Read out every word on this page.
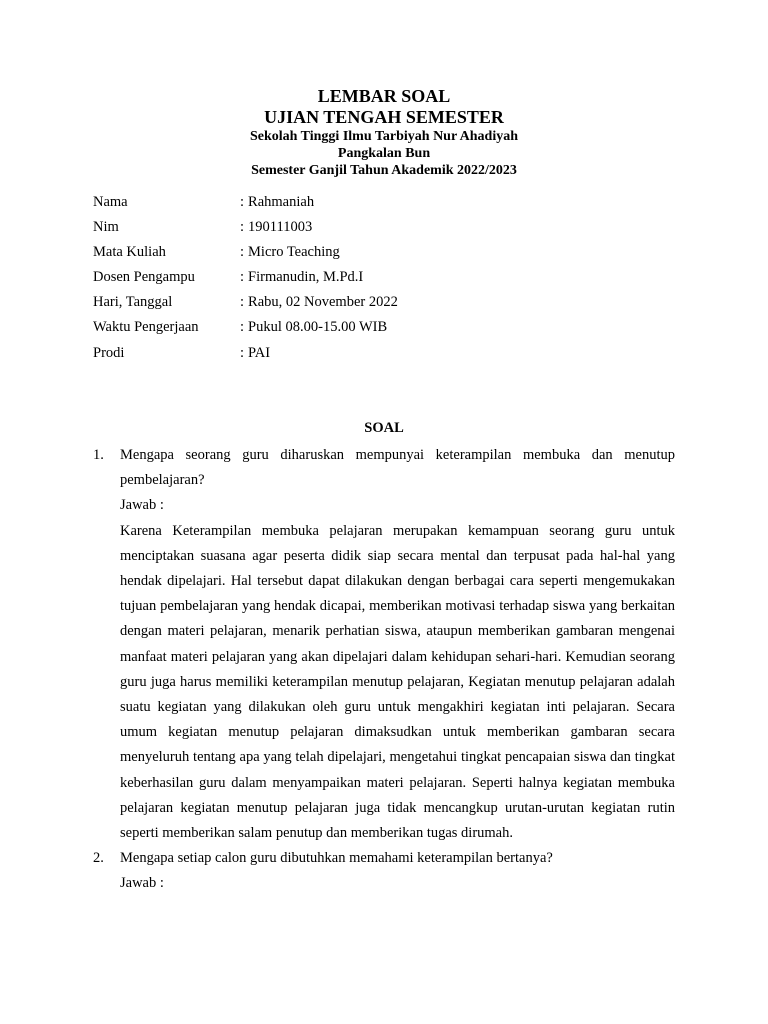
LEMBAR SOAL
UJIAN TENGAH SEMESTER
Sekolah Tinggi Ilmu Tarbiyah Nur Ahadiyah
Pangkalan Bun
Semester Ganjil Tahun Akademik 2022/2023
Nama	: Rahmaniah
Nim	: 190111003
Mata Kuliah	: Micro Teaching
Dosen Pengampu	: Firmanudin, M.Pd.I
Hari, Tanggal	: Rabu, 02 November 2022
Waktu Pengerjaan	: Pukul 08.00-15.00 WIB
Prodi	: PAI
SOAL
1. Mengapa seorang guru diharuskan mempunyai keterampilan membuka dan menutup pembelajaran?
Jawab :
Karena Keterampilan membuka pelajaran merupakan kemampuan seorang guru untuk menciptakan suasana agar peserta didik siap secara mental dan terpusat pada hal-hal yang hendak dipelajari. Hal tersebut dapat dilakukan dengan berbagai cara seperti mengemukakan tujuan pembelajaran yang hendak dicapai, memberikan motivasi terhadap siswa yang berkaitan dengan materi pelajaran, menarik perhatian siswa, ataupun memberikan gambaran mengenai manfaat materi pelajaran yang akan dipelajari dalam kehidupan sehari-hari. Kemudian seorang guru juga harus memiliki keterampilan menutup pelajaran, Kegiatan menutup pelajaran adalah suatu kegiatan yang dilakukan oleh guru untuk mengakhiri kegiatan inti pelajaran. Secara umum kegiatan menutup pelajaran dimaksudkan untuk memberikan gambaran secara menyeluruh tentang apa yang telah dipelajari, mengetahui tingkat pencapaian siswa dan tingkat keberhasilan guru dalam menyampaikan materi pelajaran. Seperti halnya kegiatan membuka pelajaran kegiatan menutup pelajaran juga tidak mencangkup urutan-urutan kegiatan rutin seperti memberikan salam penutup dan memberikan tugas dirumah.
2. Mengapa setiap calon guru dibutuhkan memahami keterampilan bertanya?
Jawab :
